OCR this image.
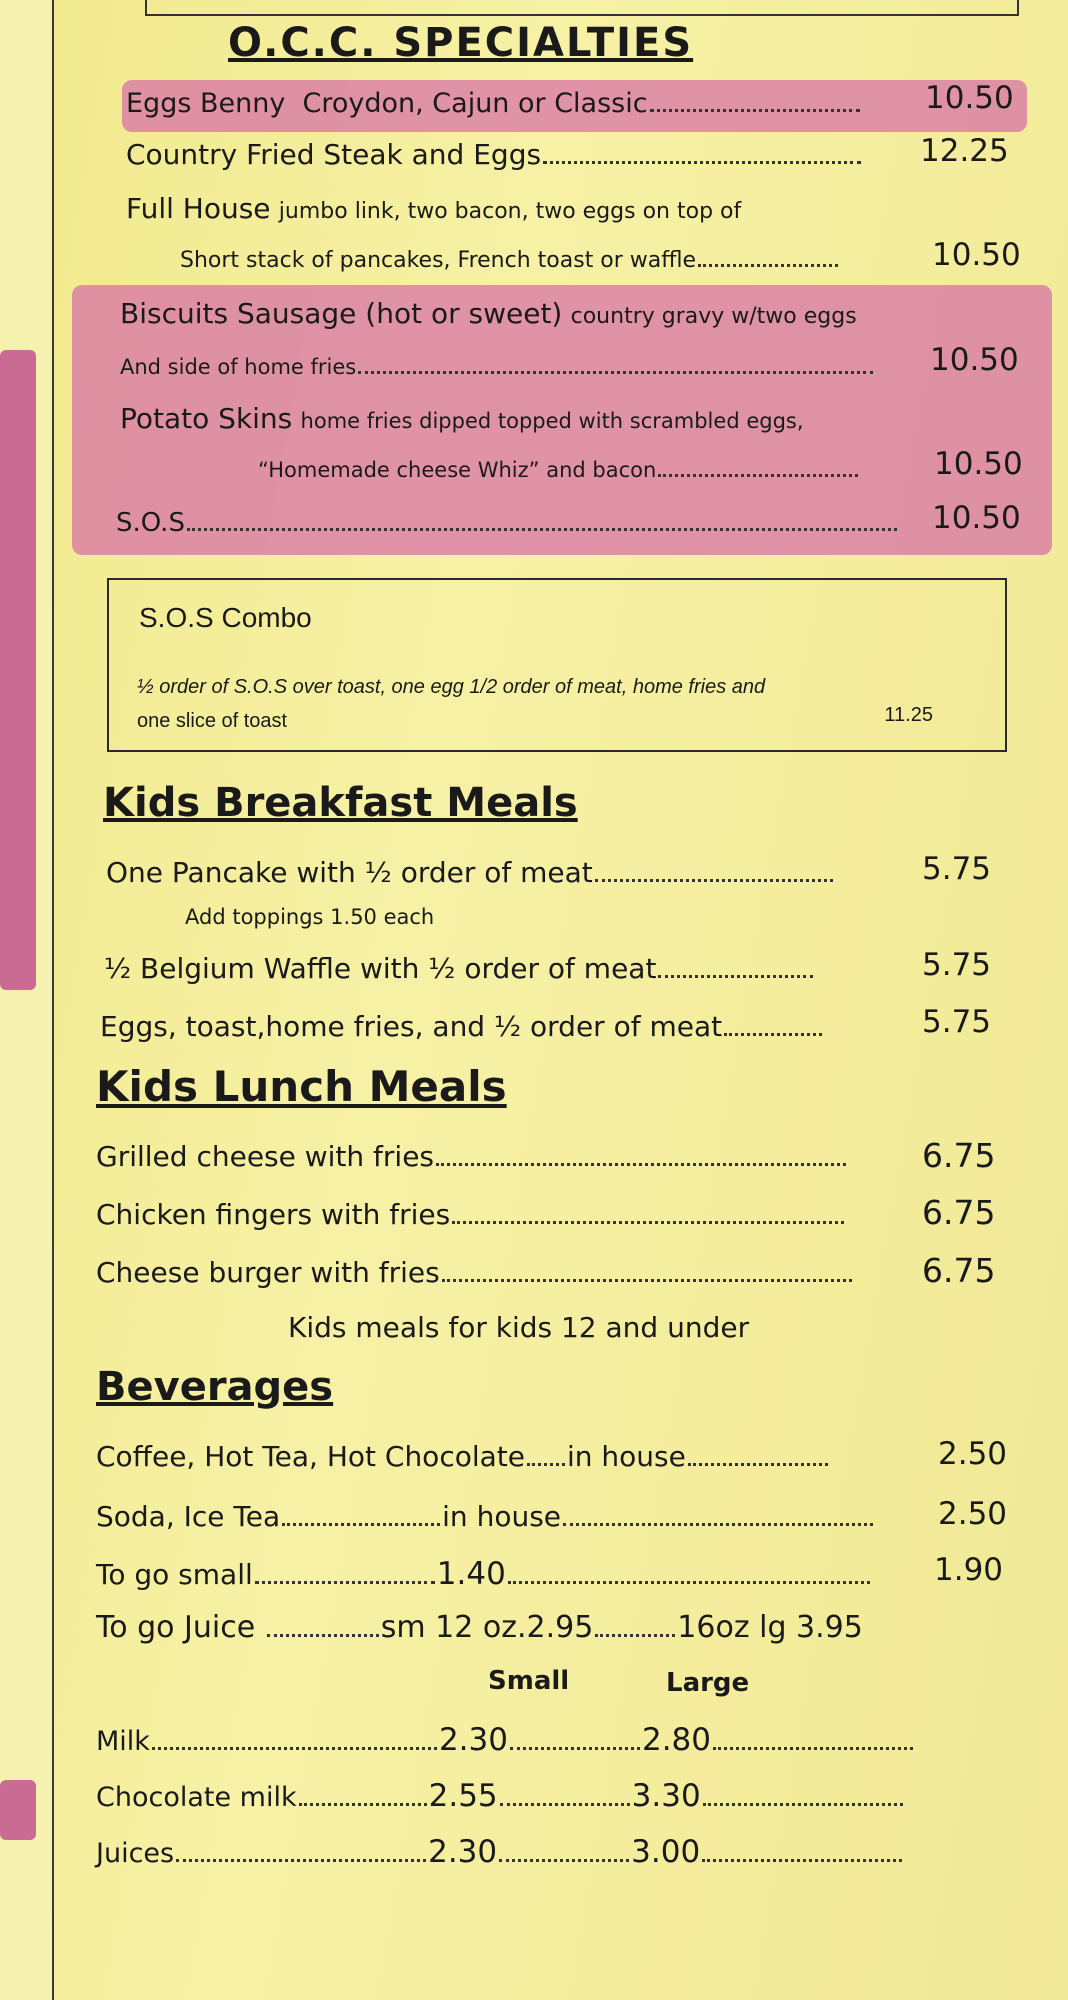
O.C.C. SPECIALTIES
Eggs Benny Croydon, Cajun or Classic	10.50
Country Fried Steak and Eggs	12.25
Full House jumbo link, two bacon, two eggs on top of
Short stack of pancakes, French toast or waffle	10.50
Biscuits Sausage (hot or sweet) country gravy w/two eggs
And side of home fries	10.50
Potato Skins home fries dipped topped with scrambled eggs,
“Homemade cheese Whiz” and bacon	10.50
S.O.S	10.50
S.O.S Combo
½ order of S.O.S over toast, one egg 1/2 order of meat, home fries and
one slice of toast	11.25
Kids Breakfast Meals
One Pancake with ½ order of meat	5.75
Add toppings 1.50 each
½ Belgium Waffle with ½ order of meat	5.75
Eggs, toast,home fries, and ½ order of meat	5.75
Kids Lunch Meals
Grilled cheese with fries	6.75
Chicken fingers with fries	6.75
Cheese burger with fries	6.75
Kids meals for kids 12 and under
Beverages
Coffee, Hot Tea, Hot Chocolate in house	2.50
Soda, Ice Tea	in house	2.50
To go small	1.40	1.90
To go Juice	sm 12 oz.2.95	16oz lg 3.95
Small	Large
Milk	2.30	2.80
Chocolate milk	2.55	3.30
Juices	2.30	3.00
